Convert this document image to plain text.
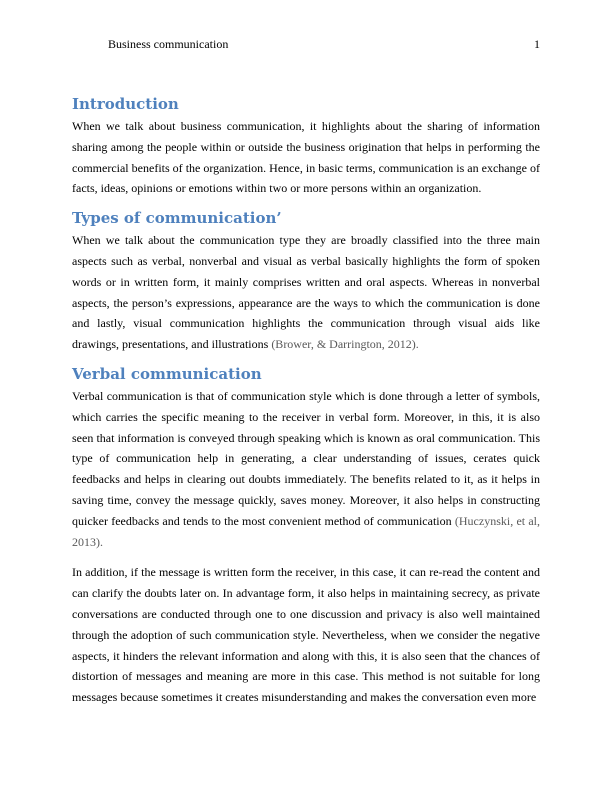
Business communication	1
Introduction

When we talk about business communication, it highlights about the sharing of information sharing among the people within or outside the business origination that helps in performing the commercial benefits of the organization. Hence, in basic terms, communication is an exchange of facts, ideas, opinions or emotions within two or more persons within an organization.

Types of communication’

When we talk about the communication type they are broadly classified into the three main aspects such as verbal, nonverbal and visual as verbal basically highlights the form of spoken words or in written form, it mainly comprises written and oral aspects. Whereas in nonverbal aspects, the person’s expressions, appearance are the ways to which the communication is done and lastly, visual communication highlights the communication through visual aids like drawings, presentations, and illustrations (Brower, & Darrington, 2012).

Verbal communication

Verbal communication is that of communication style which is done through a letter of symbols, which carries the specific meaning to the receiver in verbal form. Moreover, in this, it is also seen that information is conveyed through speaking which is known as oral communication. This type of communication help in generating, a clear understanding of issues, cerates quick feedbacks and helps in clearing out doubts immediately. The benefits related to it, as it helps in saving time, convey the message quickly, saves money. Moreover, it also helps in constructing quicker feedbacks and tends to the most convenient method of communication (Huczynski, et al, 2013).

In addition, if the message is written form the receiver, in this case, it can re-read the content and can clarify the doubts later on. In advantage form, it also helps in maintaining secrecy, as private conversations are conducted through one to one discussion and privacy is also well maintained through the adoption of such communication style. Nevertheless, when we consider the negative aspects, it hinders the relevant information and along with this, it is also seen that the chances of distortion of messages and meaning are more in this case. This method is not suitable for long messages because sometimes it creates misunderstanding and makes the conversation even more
